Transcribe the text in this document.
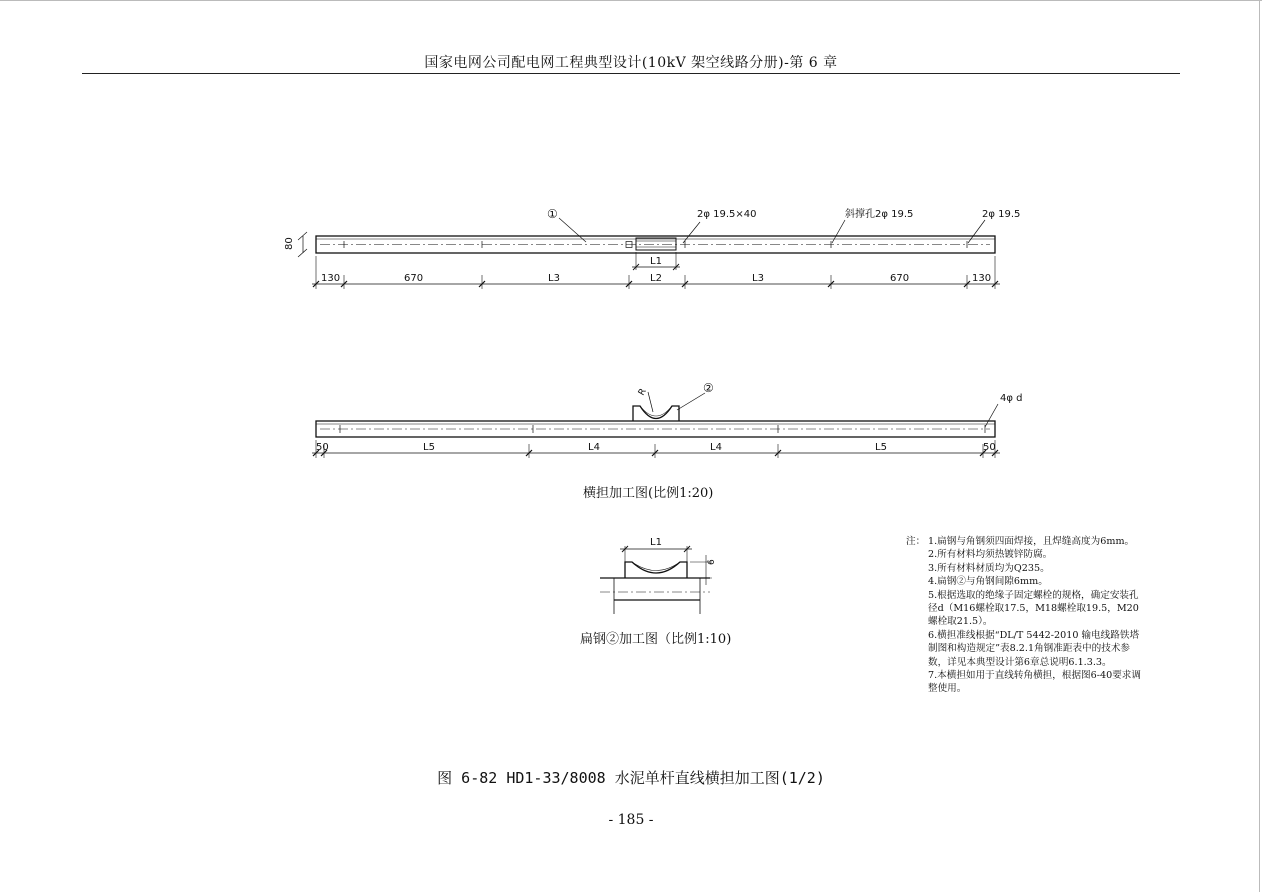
国家电网公司配电网工程典型设计(10kV 架空线路分册)-第 6 章
80
①	2φ 19.5×40	斜撑孔2φ 19.5	2φ 19.5
L1
130	670	L3	L2	L3	670	130
②
R
4φ d
50	L5	L4	L4	L5	50
L1
6
横担加工图(比例1:20)
扁钢②加工图（比例1:10)
注： 1.扁钢与角钢须四面焊接，且焊缝高度为6mm。
2.所有材料均须热镀锌防腐。
3.所有材料材质均为Q235。
4.扁钢②与角钢间隙6mm。
5.根据选取的绝缘子固定螺栓的规格，确定安装孔径d（M16螺栓取17.5，M18螺栓取19.5，M20螺栓取21.5）。
6.横担准线根据“DL/T 5442-2010 输电线路铁塔制图和构造规定”表8.2.1角钢准距表中的技术参数，详见本典型设计第6章总说明6.1.3.3。
7.本横担如用于直线转角横担，根据图6-40要求调整使用。
图 6-82 HD1-33/8008 水泥单杆直线横担加工图(1/2)
- 185 -
